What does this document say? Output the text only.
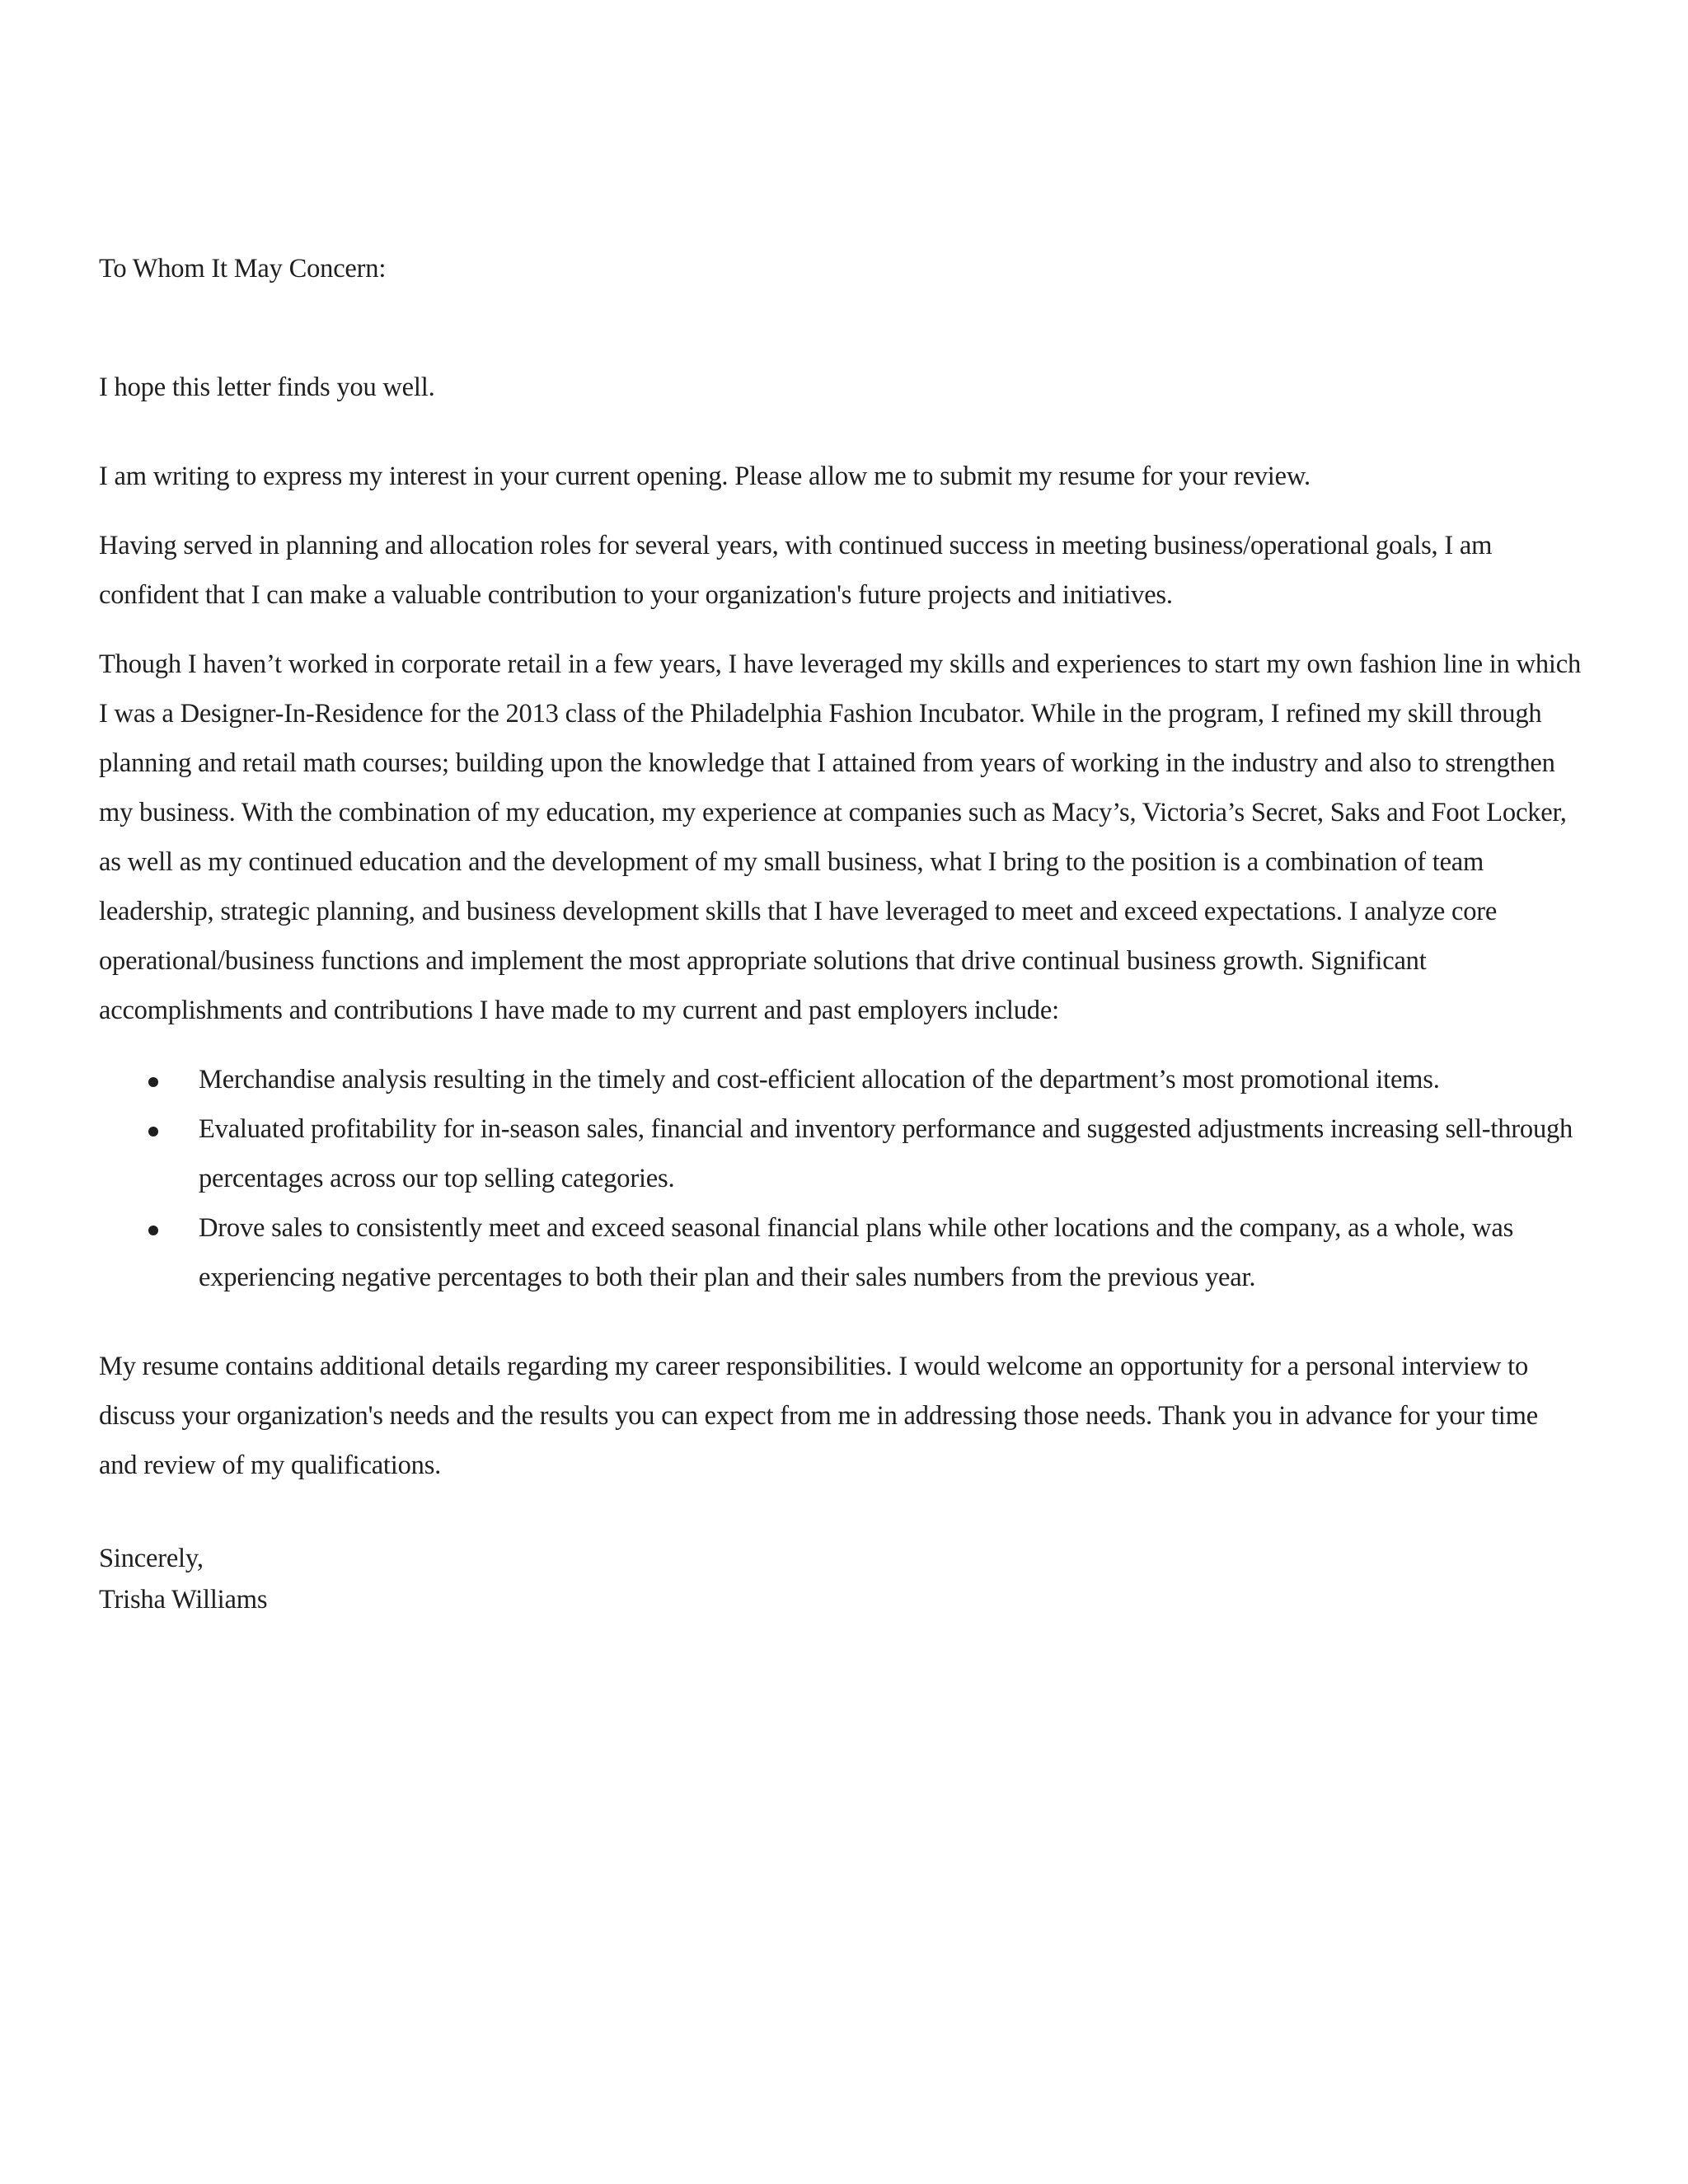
To Whom It May Concern:

I hope this letter finds you well.

I am writing to express my interest in your current opening. Please allow me to submit my resume for your review.

Having served in planning and allocation roles for several years, with continued success in meeting business/operational goals, I am confident that I can make a valuable contribution to your organization's future projects and initiatives.

Though I haven’t worked in corporate retail in a few years, I have leveraged my skills and experiences to start my own fashion line in which I was a Designer-In-Residence for the 2013 class of the Philadelphia Fashion Incubator. While in the program, I refined my skill through planning and retail math courses; building upon the knowledge that I attained from years of working in the industry and also to strengthen my business. With the combination of my education, my experience at companies such as Macy’s, Victoria’s Secret, Saks and Foot Locker, as well as my continued education and the development of my small business, what I bring to the position is a combination of team leadership, strategic planning, and business development skills that I have leveraged to meet and exceed expectations. I analyze core operational/business functions and implement the most appropriate solutions that drive continual business growth. Significant accomplishments and contributions I have made to my current and past employers include:

Merchandise analysis resulting in the timely and cost-efficient allocation of the department’s most promotional items.
Evaluated profitability for in-season sales, financial and inventory performance and suggested adjustments increasing sell-through percentages across our top selling categories.
Drove sales to consistently meet and exceed seasonal financial plans while other locations and the company, as a whole, was experiencing negative percentages to both their plan and their sales numbers from the previous year.

My resume contains additional details regarding my career responsibilities. I would welcome an opportunity for a personal interview to discuss your organization's needs and the results you can expect from me in addressing those needs. Thank you in advance for your time and review of my qualifications.

Sincerely,

Trisha Williams
